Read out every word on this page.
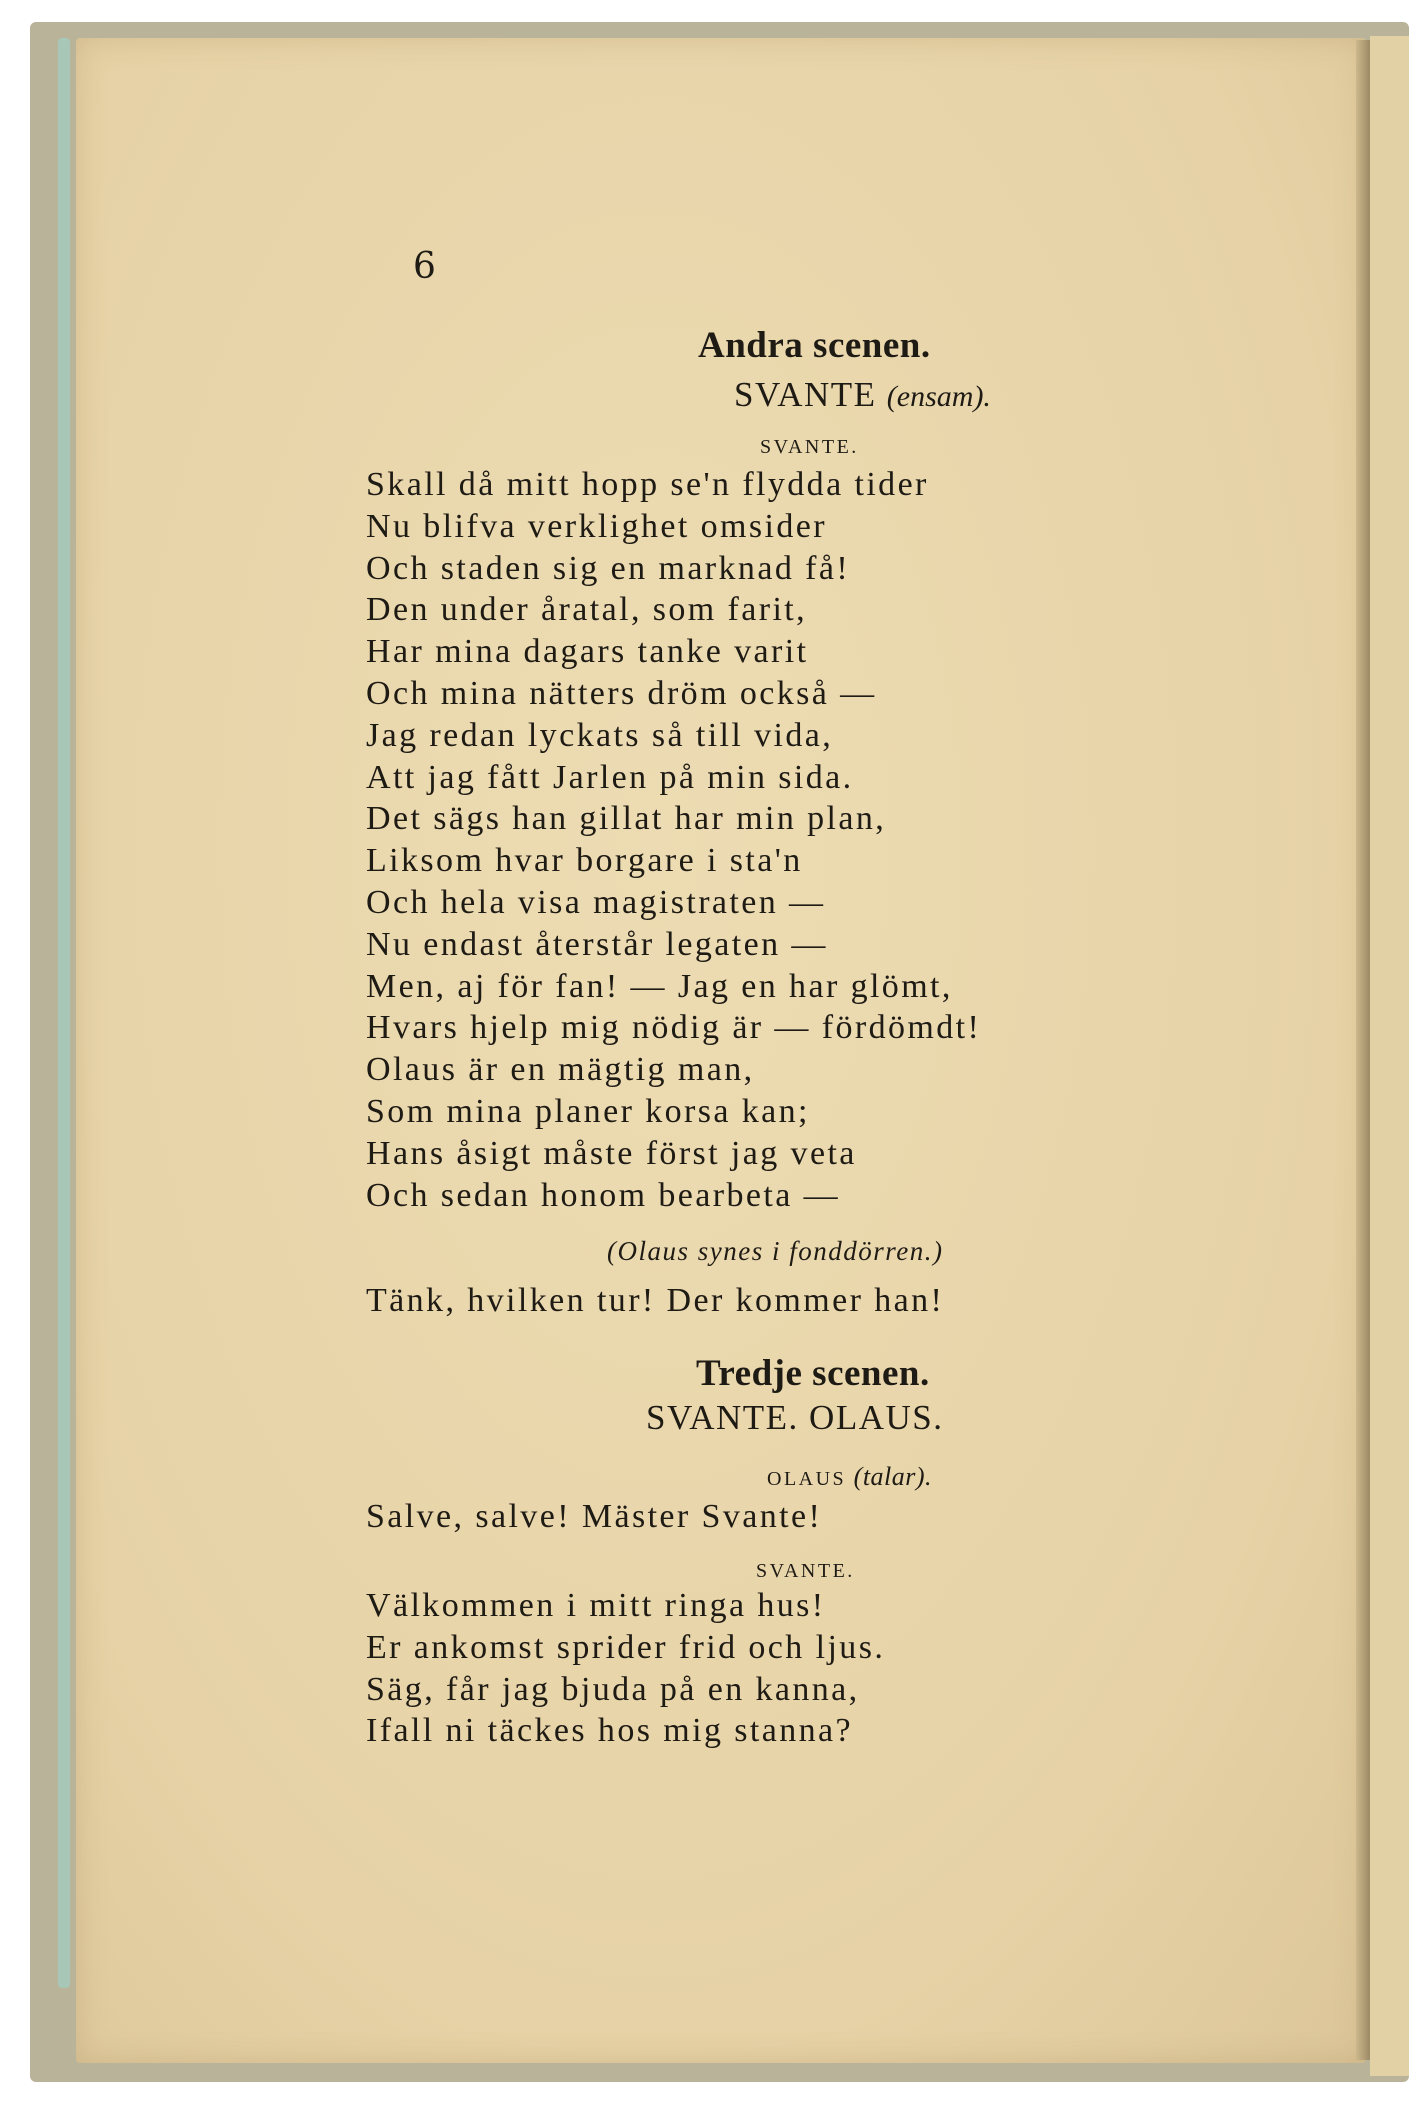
6
Andra scenen.
SVANTE (ensam).
SVANTE.
Skall då mitt hopp se'n flydda tider
Nu blifva verklighet omsider
Och staden sig en marknad få!
Den under åratal, som farit,
Har mina dagars tanke varit
Och mina nätters dröm också —
Jag redan lyckats så till vida,
Att jag fått Jarlen på min sida.
Det sägs han gillat har min plan,
Liksom hvar borgare i sta'n
Och hela visa magistraten —
Nu endast återstår legaten —
Men, aj för fan! — Jag en har glömt,
Hvars hjelp mig nödig är — fördömdt!
Olaus är en mägtig man,
Som mina planer korsa kan;
Hans åsigt måste först jag veta
Och sedan honom bearbeta —
(Olaus synes i fonddörren.)
Tänk, hvilken tur! Der kommer han!
Tredje scenen.
SVANTE. OLAUS.
OLAUS (talar).
Salve, salve! Mäster Svante!
SVANTE.
Välkommen i mitt ringa hus!
Er ankomst sprider frid och ljus.
Säg, får jag bjuda på en kanna,
Ifall ni täckes hos mig stanna?
